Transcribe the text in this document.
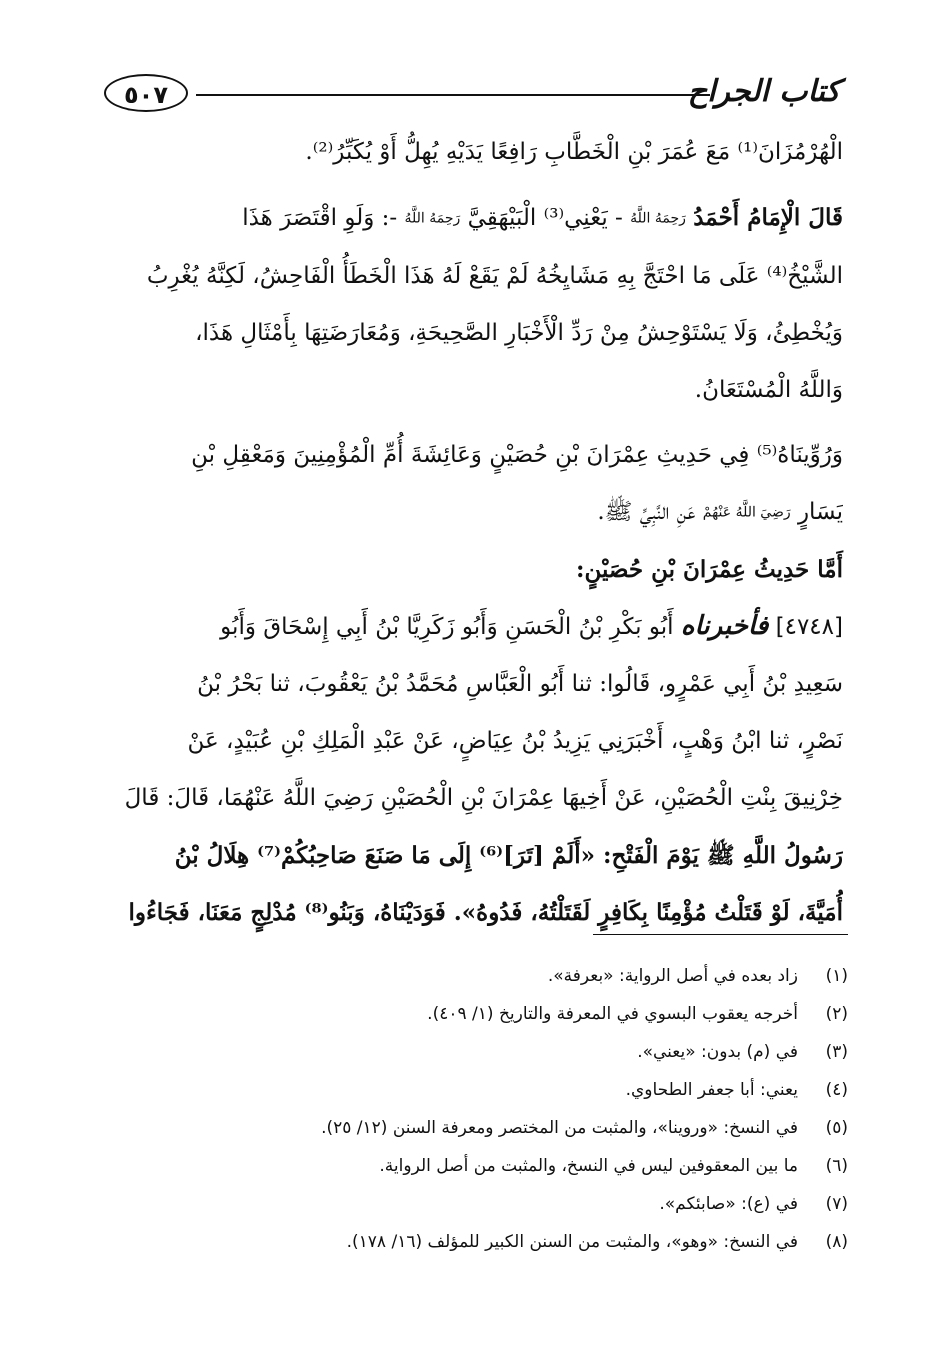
كتاب الجراح
٥٠٧

الْهُرْمُزَانَ⁽¹⁾ مَعَ عُمَرَ بْنِ الْخَطَّابِ رَافِعًا يَدَيْهِ يُهِلُّ أَوْ يُكَبِّرُ⁽²⁾.

قَالَ الْإِمَامُ أَحْمَدُ رَحِمَهُ اللَّهُ - يَعْنِي⁽³⁾ الْبَيْهَقِيَّ رَحِمَهُ اللَّهُ -: وَلَوِ اقْتَصَرَ هَذَا
الشَّيْخُ⁽⁴⁾ عَلَى مَا احْتَجَّ بِهِ مَشَايِخُهُ لَمْ يَقَعْ لَهُ هَذَا الْخَطَأُ الْفَاحِشُ، لَكِنَّهُ يُغْرِبُ
وَيُخْطِئُ، وَلَا يَسْتَوْحِشُ مِنْ رَدِّ الْأَخْبَارِ الصَّحِيحَةِ، وَمُعَارَضَتِهَا بِأَمْثَالِ هَذَا،
وَاللَّهُ الْمُسْتَعَانُ.

وَرُوِّينَاهُ⁽⁵⁾ فِي حَدِيثِ عِمْرَانَ بْنِ حُصَيْنٍ وَعَائِشَةَ أُمِّ الْمُؤْمِنِينَ وَمَعْقِلِ بْنِ
يَسَارٍ رَضِيَ اللَّهُ عَنْهُمْ عَنِ النَّبِيِّ ﷺ.

أَمَّا حَدِيثُ عِمْرَانَ بْنِ حُصَيْنٍ:

[٤٧٤٨] فأخبرناه أَبُو بَكْرِ بْنُ الْحَسَنِ وَأَبُو زَكَرِيَّا بْنُ أَبِي إِسْحَاقَ وَأَبُو
سَعِيدِ بْنُ أَبِي عَمْرٍو، قَالُوا: ثنا أَبُو الْعَبَّاسِ مُحَمَّدُ بْنُ يَعْقُوبَ، ثنا بَحْرُ بْنُ
نَصْرٍ، ثنا ابْنُ وَهْبٍ، أَخْبَرَنِي يَزِيدُ بْنُ عِيَاضٍ، عَنْ عَبْدِ الْمَلِكِ بْنِ عُبَيْدٍ، عَنْ
خِرْنِيقَ بِنْتِ الْحُصَيْنِ، عَنْ أَخِيهَا عِمْرَانَ بْنِ الْحُصَيْنِ رَضِيَ اللَّهُ عَنْهُمَا، قَالَ: قَالَ
رَسُولُ اللَّهِ ﷺ يَوْمَ الْفَتْحِ: «أَلَمْ [تَرَ]⁽⁶⁾ إِلَى مَا صَنَعَ صَاحِبُكُمْ⁽⁷⁾ هِلَالُ بْنُ
أُمَيَّةَ، لَوْ قَتَلْتُ مُؤْمِنًا بِكَافِرٍ لَقَتَلْتُهُ، فَدُوهُ». فَوَدَيْنَاهُ، وَبَنُو⁽⁸⁾ مُدْلِجٍ مَعَنَا، فَجَاءُوا

(١)
زاد بعده في أصل الرواية: «بعرفة».
(٢)
أخرجه يعقوب البسوي في المعرفة والتاريخ (١/ ٤٠٩).
(٣)
في (م) بدون: «يعني».
(٤)
يعني: أبا جعفر الطحاوي.
(٥)
في النسخ: «وروينا»، والمثبت من المختصر ومعرفة السنن (١٢/ ٢٥).
(٦)
ما بين المعقوفين ليس في النسخ، والمثبت من أصل الرواية.
(٧)
في (ع): «صابئكم».
(٨)
في النسخ: «وهو»، والمثبت من السنن الكبير للمؤلف (١٦/ ١٧٨).
